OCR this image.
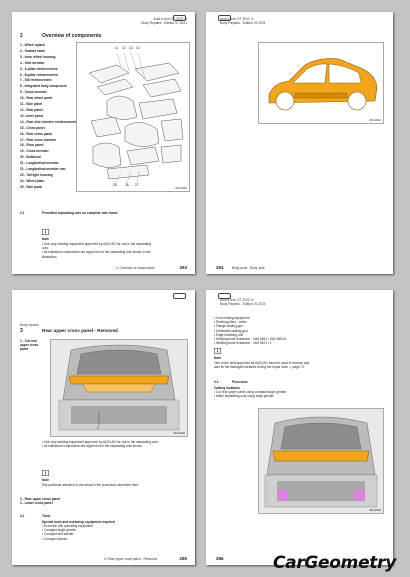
Audi e-tron GT 2022 ➜
Body Repairs - Edition 07.2021
2	Overview of components
1 - Wheel splash
2 - Sealant seam
3 - Inner wheel housing
4 - Side member
5 - A-pillar reinforcement
6 - B-pillar reinforcement
7 - Sill reinforcement
8 - Integrated body component
9 - Cross member
10 - Rear wheel panel
11 - Side panel
12 - Rear panel
13 - Inner panel
14 - Rear side member reinforcement
15 - Cross panel
16 - Rear cross panel
17 - Rear cross member
18 - Floor panel
19 - Cross member
20 - Bulkhead
21 - Longitudinal member
22 - Longitudinal member rear
23 - Tail light housing
24 - Wheel plate
25 - Side panel
11 12 13 14
28	26 27
Z00-10000
2.1	Permitted separating cuts on complete side frame
i
Note
• Use only welding equipment approved by AUDI AG for use in the separating cuts.
• All individual components are approved for the separating cuts shown in the illustration.
2. Overview of components	263
Audi e-tron GT 2022 ➜
Body Repairs - Edition 07.2021
Z00-10001
264	Body parts - Body, side
Body repairs
3	Rear upper cross panel - Removed
1 - Cut rear upper cross panel
1
Z00-10002
• Use only welding equipment approved by AUDI AG for use in the separating cuts.
• All individual components are approved for the separating cuts shown.
i
Note
Pay particular attention to the areas in the procedure described here.
2 - Rear upper cross panel
3 - Lower cross panel
3.1	Tools
Special tools and workshop equipment required
• Eccentric drill operating equipment
• Compact angle grinder
• Compact belt sander
• Compact sander
3. Rear upper cross panel - Removed	265
Audi e-tron GT 2022 ➜
Body Repairs - Edition 07.2021
• Cold riveting equipment
• Riveting pliers - cutter
• Flange sealing gun
• Dedicated sealing gun
• Edge shrinking unit
• Welding fume extraction - VAS 6651 / VAS 6651/1
• Welding fume extraction - VAS 6671 / 1
i
Note
One of the best approved by AUDI AG must be used to remove and also fix the damaged surfaces during the repair work ⇒ page 71.
3.2	Procedure
Cutting locations
• Cut rear upper panel using compact angle grinder.
• Make separating cuts using edge grinder.
Z00-10003
266	CarGeometry
